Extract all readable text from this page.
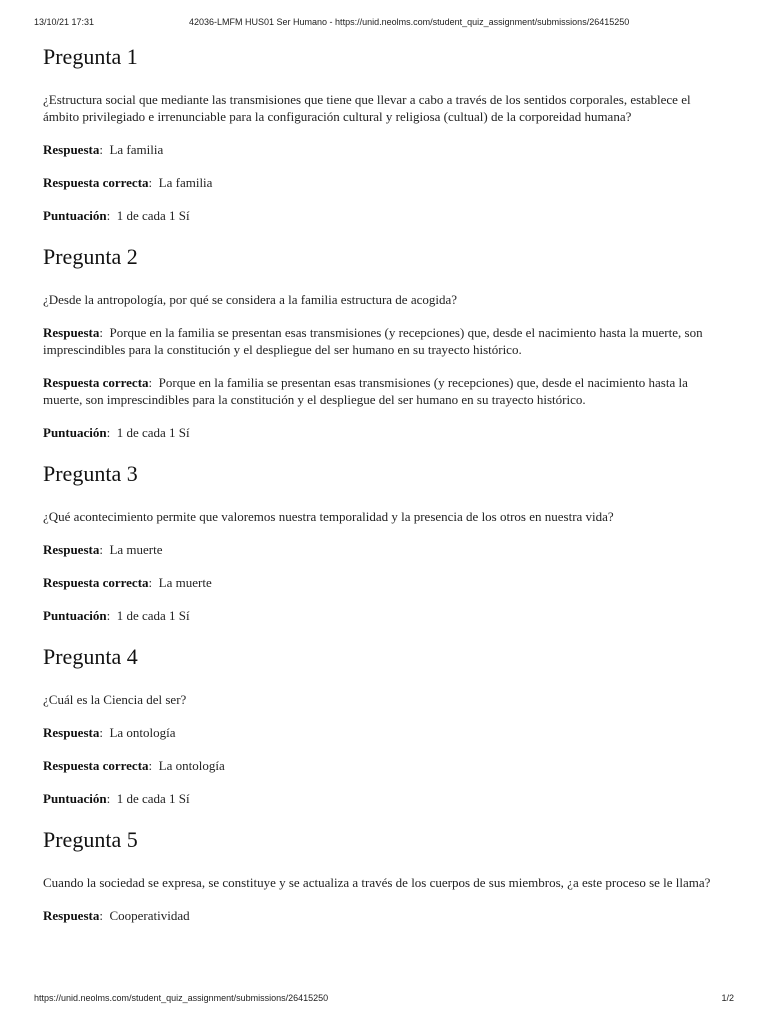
13/10/21 17:31	42036-LMFM HUS01 Ser Humano - https://unid.neolms.com/student_quiz_assignment/submissions/26415250
Pregunta 1

¿Estructura social que mediante las transmisiones que tiene que llevar a cabo a través de los sentidos corporales, establece el ámbito privilegiado e irrenunciable para la configuración cultural y religiosa (cultual) de la corporeidad humana?

Respuesta:  La familia

Respuesta correcta:  La familia

Puntuación:  1 de cada 1 Sí

Pregunta 2

¿Desde la antropología, por qué se considera a la familia estructura de acogida?

Respuesta:  Porque en la familia se presentan esas transmisiones (y recepciones) que, desde el nacimiento hasta la muerte, son imprescindibles para la constitución y el despliegue del ser humano en su trayecto histórico.

Respuesta correcta:  Porque en la familia se presentan esas transmisiones (y recepciones) que, desde el nacimiento hasta la muerte, son imprescindibles para la constitución y el despliegue del ser humano en su trayecto histórico.

Puntuación:  1 de cada 1 Sí

Pregunta 3

¿Qué acontecimiento permite que valoremos nuestra temporalidad y la presencia de los otros en nuestra vida?

Respuesta:  La muerte

Respuesta correcta:  La muerte

Puntuación:  1 de cada 1 Sí

Pregunta 4

¿Cuál es la Ciencia del ser?

Respuesta:  La ontología

Respuesta correcta:  La ontología

Puntuación:  1 de cada 1 Sí

Pregunta 5

Cuando la sociedad se expresa, se constituye y se actualiza a través de los cuerpos de sus miembros, ¿a este proceso se le llama?

Respuesta:  Cooperatividad

https://unid.neolms.com/student_quiz_assignment/submissions/26415250	1/2
